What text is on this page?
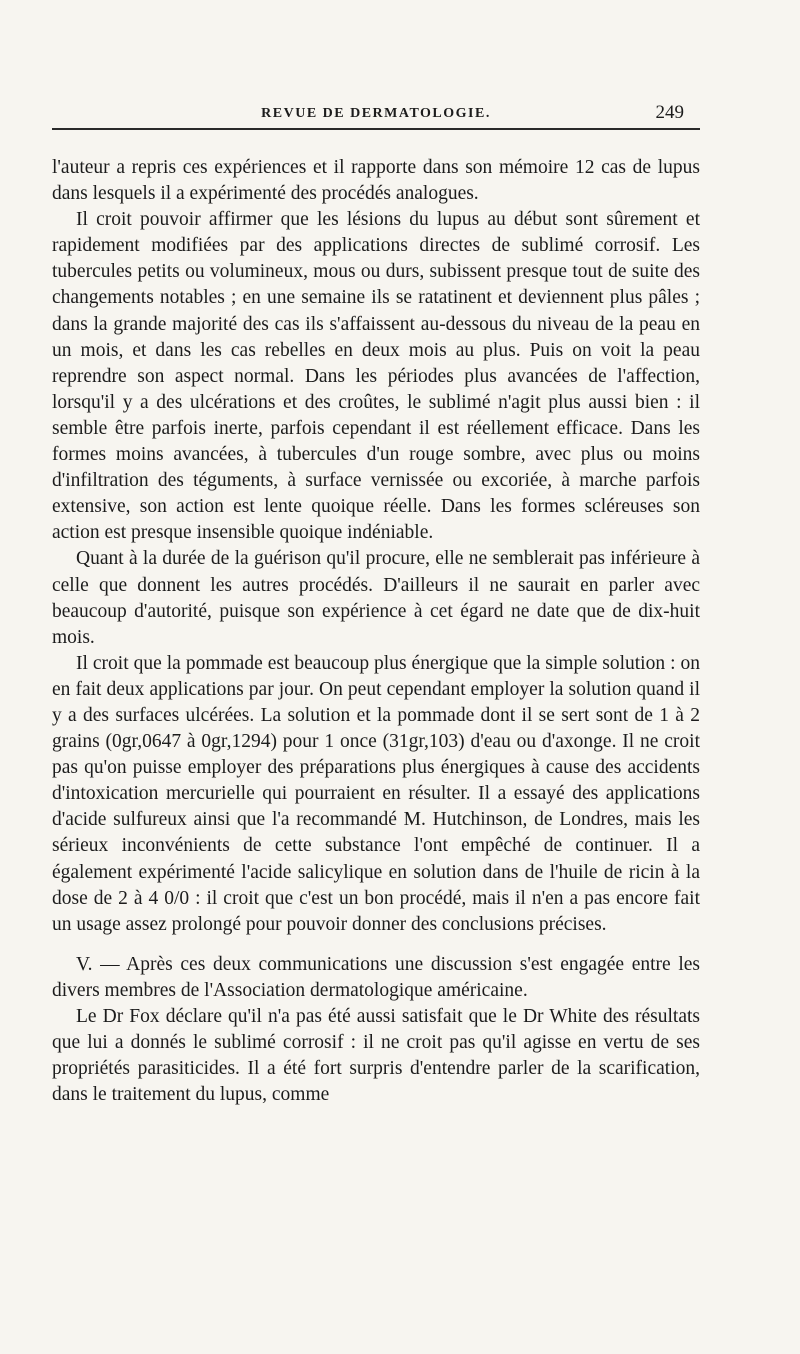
REVUE DE DERMATOLOGIE.	249

l'auteur a repris ces expériences et il rapporte dans son mémoire 12 cas de lupus dans lesquels il a expérimenté des procédés analogues.

Il croit pouvoir affirmer que les lésions du lupus au début sont sûrement et rapidement modifiées par des applications directes de sublimé corrosif. Les tubercules petits ou volumineux, mous ou durs, subissent presque tout de suite des changements notables ; en une semaine ils se ratatinent et deviennent plus pâles ; dans la grande majorité des cas ils s'affaissent au-dessous du niveau de la peau en un mois, et dans les cas rebelles en deux mois au plus. Puis on voit la peau reprendre son aspect normal. Dans les périodes plus avancées de l'affection, lorsqu'il y a des ulcérations et des croûtes, le sublimé n'agit plus aussi bien : il semble être parfois inerte, parfois cependant il est réellement efficace. Dans les formes moins avancées, à tubercules d'un rouge sombre, avec plus ou moins d'infiltration des téguments, à surface vernissée ou excoriée, à marche parfois extensive, son action est lente quoique réelle. Dans les formes scléreuses son action est presque insensible quoique indéniable.

Quant à la durée de la guérison qu'il procure, elle ne semblerait pas inférieure à celle que donnent les autres procédés. D'ailleurs il ne saurait en parler avec beaucoup d'autorité, puisque son expérience à cet égard ne date que de dix-huit mois.

Il croit que la pommade est beaucoup plus énergique que la simple solution : on en fait deux applications par jour. On peut cependant employer la solution quand il y a des surfaces ulcérées. La solution et la pommade dont il se sert sont de 1 à 2 grains (0gr,0647 à 0gr,1294) pour 1 once (31gr,103) d'eau ou d'axonge. Il ne croit pas qu'on puisse employer des préparations plus énergiques à cause des accidents d'intoxication mercurielle qui pourraient en résulter. Il a essayé des applications d'acide sulfureux ainsi que l'a recommandé M. Hutchinson, de Londres, mais les sérieux inconvénients de cette substance l'ont empêché de continuer. Il a également expérimenté l'acide salicylique en solution dans de l'huile de ricin à la dose de 2 à 4 0/0 : il croit que c'est un bon procédé, mais il n'en a pas encore fait un usage assez prolongé pour pouvoir donner des conclusions précises.

V. — Après ces deux communications une discussion s'est engagée entre les divers membres de l'Association dermatologique américaine.

Le Dr Fox déclare qu'il n'a pas été aussi satisfait que le Dr White des résultats que lui a donnés le sublimé corrosif : il ne croit pas qu'il agisse en vertu de ses propriétés parasiticides. Il a été fort surpris d'entendre parler de la scarification, dans le traitement du lupus, comme
